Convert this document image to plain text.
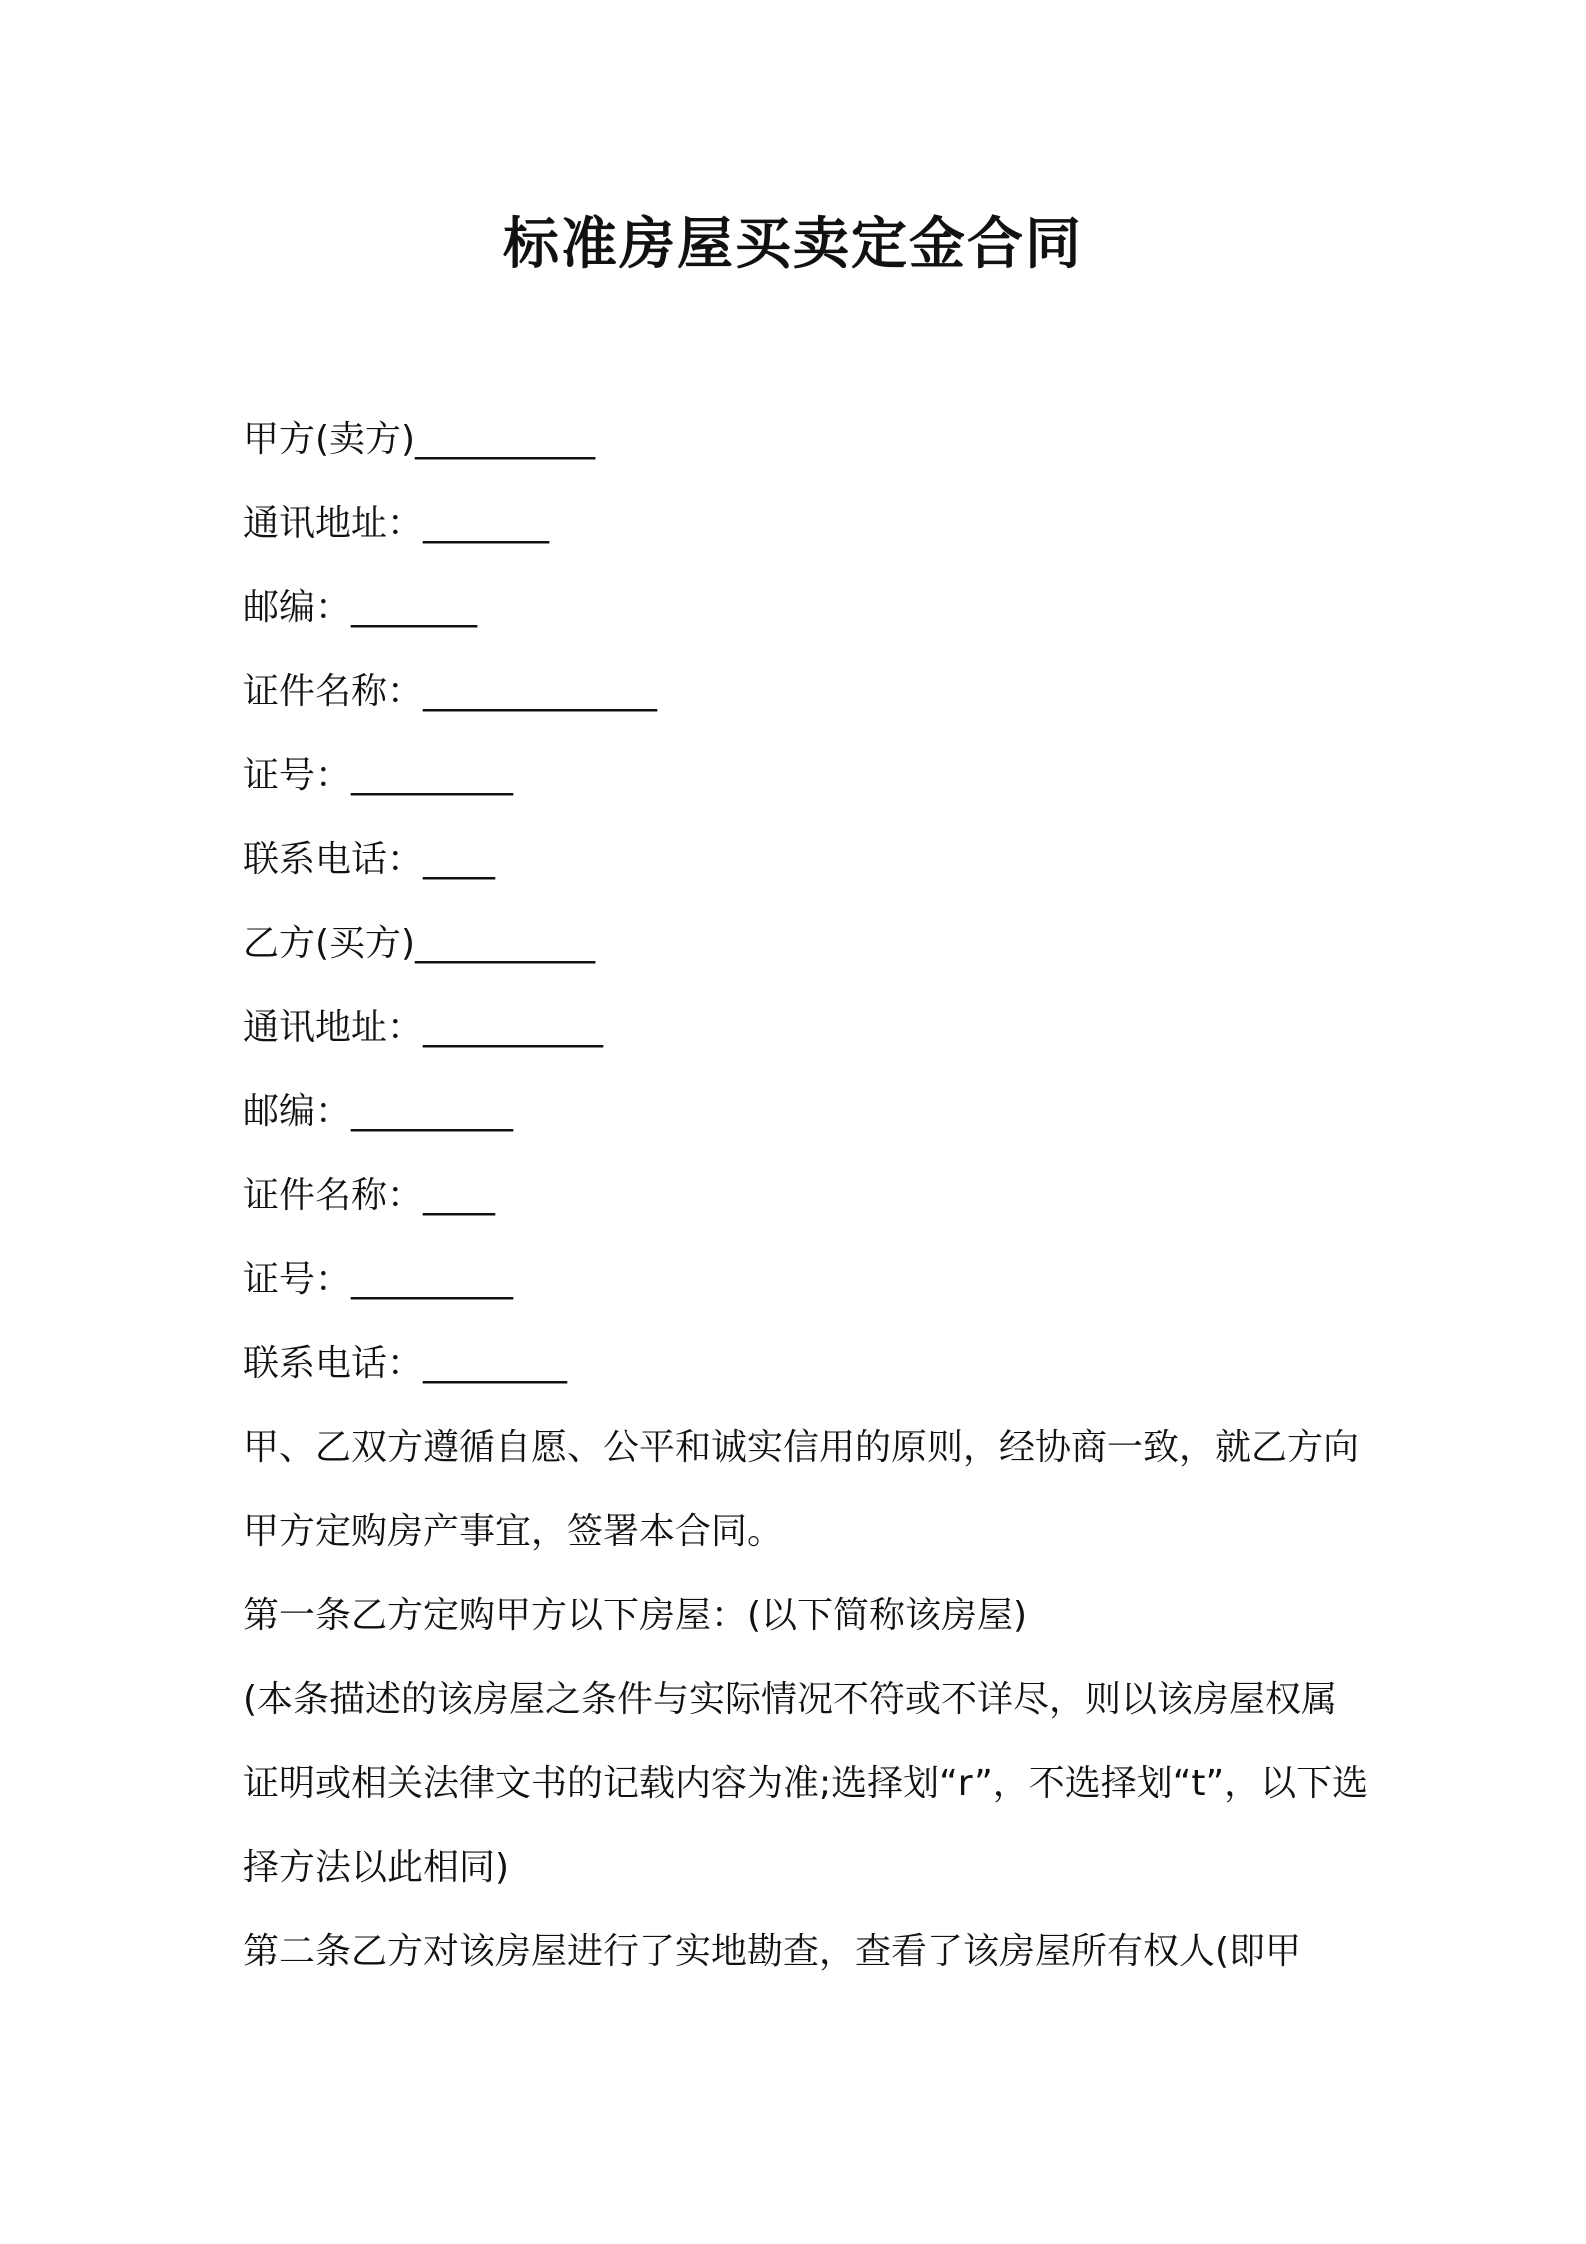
标准房屋买卖定金合同

甲方(卖方)__________

通讯地址：_______

邮编：_______

证件名称：_____________

证号：_________

联系电话：____

乙方(买方)__________

通讯地址：__________

邮编：_________

证件名称：____

证号：_________

联系电话：________

甲、乙双方遵循自愿、公平和诚实信用的原则，经协商一致，就乙方向甲方定购房产事宜，签署本合同。

第一条乙方定购甲方以下房屋：(以下简称该房屋)

(本条描述的该房屋之条件与实际情况不符或不详尽，则以该房屋权属证明或相关法律文书的记载内容为准;选择划“r”，不选择划“t”，以下选择方法以此相同)

第二条乙方对该房屋进行了实地勘查，查看了该房屋所有权人(即甲
